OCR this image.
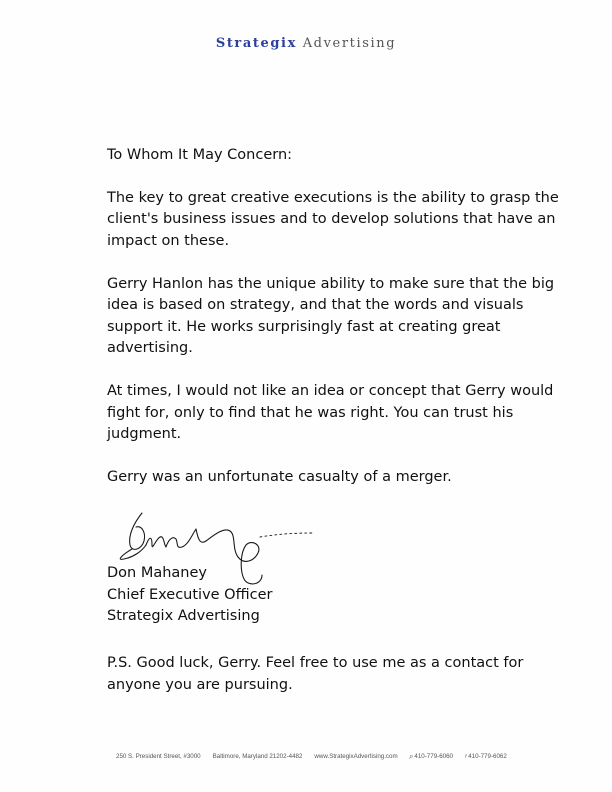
Strategix Advertising

To Whom It May Concern:

The key to great creative executions is the ability to grasp the client's business issues and to develop solutions that have an impact on these.

Gerry Hanlon has the unique ability to make sure that the big idea is based on strategy, and that the words and visuals support it. He works surprisingly fast at creating great advertising.

At times, I would not like an idea or concept that Gerry would fight for, only to find that he was right. You can trust his judgment.

Gerry was an unfortunate casualty of a merger.

Don Mahaney
Chief Executive Officer
Strategix Advertising

P.S. Good luck, Gerry. Feel free to use me as a contact for anyone you are pursuing.

250 S. President Street, #3000 Baltimore, Maryland 21202-4482 www.StrategixAdvertising.com p 410-779-6060 f 410-779-6062
